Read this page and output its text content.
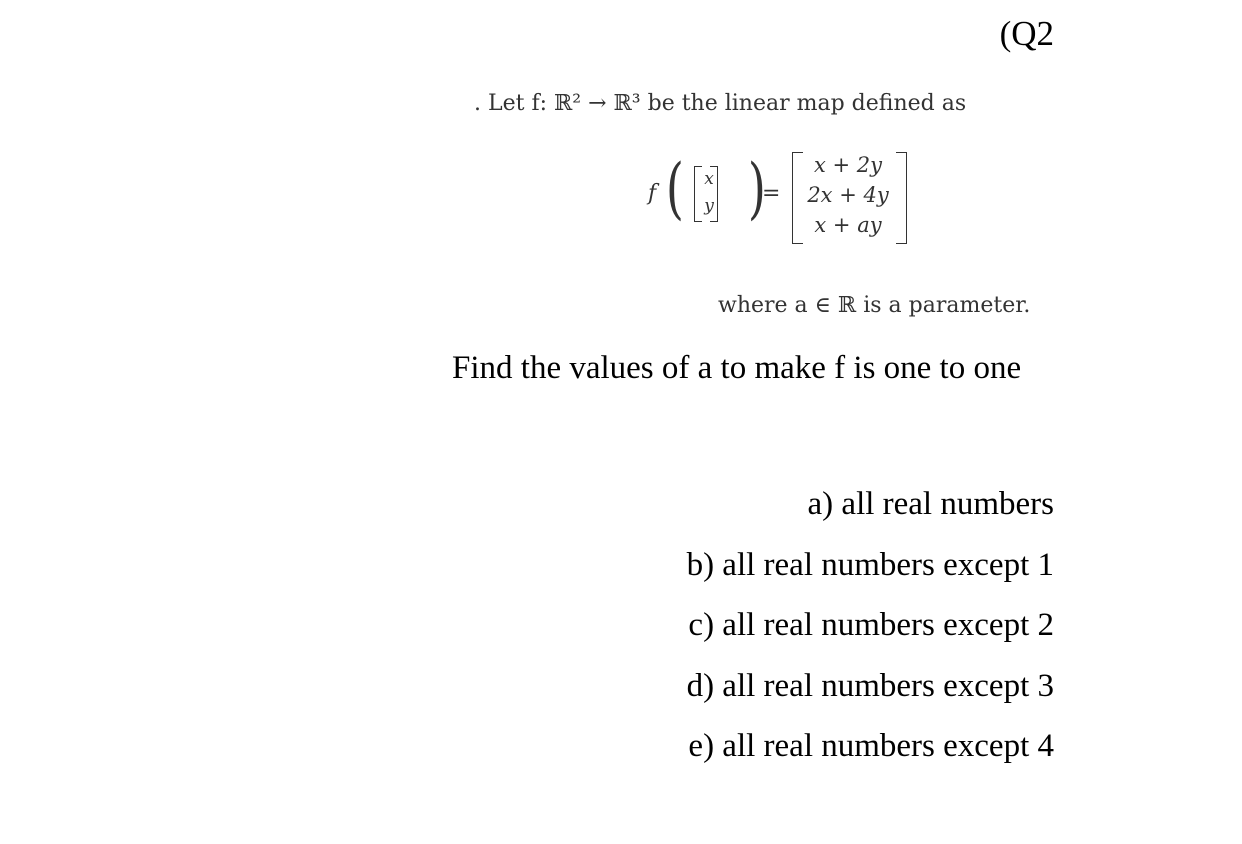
(Q2
. Let f: ℝ² → ℝ³ be the linear map defined as
f ( x
y )
=
x + 2y
2x + 4y
x + ay
where a ∈ ℝ is a parameter.
Find the values of a to make f is one to one
a) all real numbers
b) all real numbers except 1
c) all real numbers except 2
d) all real numbers except 3
e) all real numbers except 4
